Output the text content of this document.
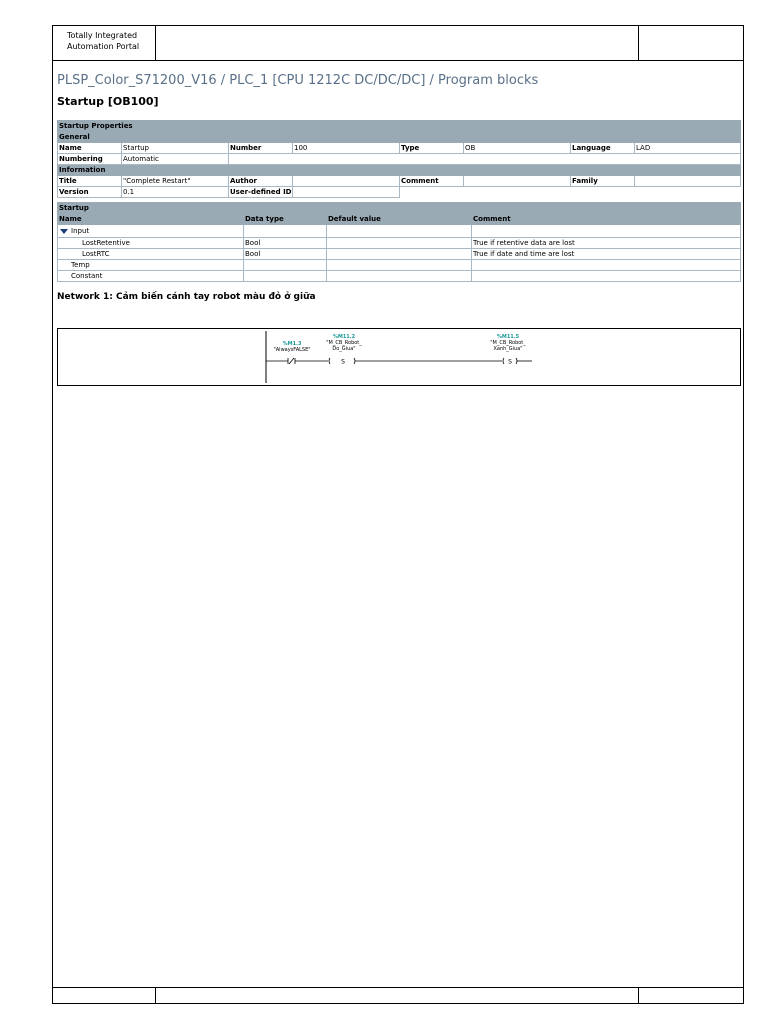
Totally Integrated
Automation Portal
PLSP_Color_S71200_V16 / PLC_1 [CPU 1212C DC/DC/DC] / Program blocks
Startup [OB100]
Startup Properties							
General							
Name	Startup	Number	100	Type	OB	Language	LAD
Numbering	Automatic						
Information							
Title	"Complete Restart"	Author		Comment		Family	
Version	0.1	User-defined ID					
Startup			
Name	Data type	Default value	Comment
Input			
LostRetentive	Bool		True if retentive data are lost
LostRTC	Bool		True if date and time are lost
Temp			
Constant			
Network 1: Cảm biến cánh tay robot màu đỏ ở giữa
S	S
%M1.3
"AlwaysFALSE"
%M11.2
"M_CB_Robot_
Do_Giua"
%M11.5
"M_CB_Robot_
Xanh_Giua"
